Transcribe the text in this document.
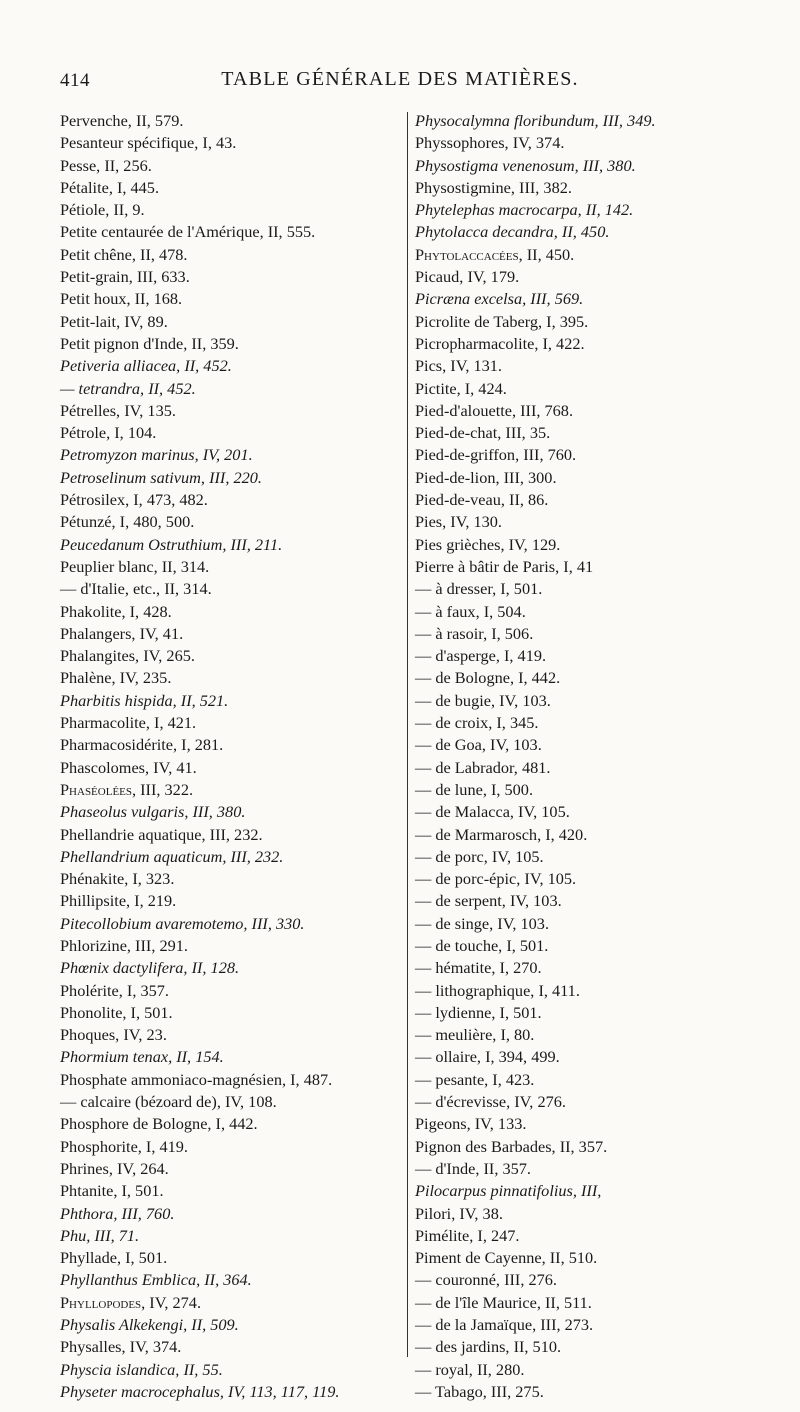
414	TABLE GÉNÉRALE DES MATIÈRES.
Pervenche, II, 579.
Pesanteur spécifique, I, 43.
Pesse, II, 256.
Pétalite, I, 445.
Pétiole, II, 9.
Petite centaurée de l'Amérique, II, 555.
Petit chêne, II, 478.
Petit-grain, III, 633.
Petit houx, II, 168.
Petit-lait, IV, 89.
Petit pignon d'Inde, II, 359.
Petiveria alliacea, II, 452.
— tetrandra, II, 452.
Pétrelles, IV, 135.
Pétrole, I, 104.
Petromyzon marinus, IV, 201.
Petroselinum sativum, III, 220.
Pétrosilex, I, 473, 482.
Pétunzé, I, 480, 500.
Peucedanum Ostruthium, III, 211.
Peuplier blanc, II, 314.
— d'Italie, etc., II, 314.
Phakolite, I, 428.
Phalangers, IV, 41.
Phalangites, IV, 265.
Phalène, IV, 235.
Pharbitis hispida, II, 521.
Pharmacolite, I, 421.
Pharmacosidérite, I, 281.
Phascolomes, IV, 41.
Phaséolées, III, 322.
Phaseolus vulgaris, III, 380.
Phellandrie aquatique, III, 232.
Phellandrium aquaticum, III, 232.
Phénakite, I, 323.
Phillipsite, I, 219.
Pitecollobium avaremotemo, III, 330.
Phlorizine, III, 291.
Phœnix dactylifera, II, 128.
Pholérite, I, 357.
Phonolite, I, 501.
Phoques, IV, 23.
Phormium tenax, II, 154.
Phosphate ammoniaco-magnésien, I, 487.
— calcaire (bézoard de), IV, 108.
Phosphore de Bologne, I, 442.
Phosphorite, I, 419.
Phrines, IV, 264.
Phtanite, I, 501.
Phthora, III, 760.
Phu, III, 71.
Phyllade, I, 501.
Phyllanthus Emblica, II, 364.
Phyllopodes, IV, 274.
Physalis Alkekengi, II, 509.
Physalles, IV, 374.
Physcia islandica, II, 55.
Physeter macrocephalus, IV, 113, 117, 119.
Physocalymna floribundum, III, 349.
Physsophores, IV, 374.
Physostigma venenosum, III, 380.
Physostigmine, III, 382.
Phytelephas macrocarpa, II, 142.
Phytolacca decandra, II, 450.
Phytolaccacées, II, 450.
Picaud, IV, 179.
Picræna excelsa, III, 569.
Picrolite de Taberg, I, 395.
Picropharmacolite, I, 422.
Pics, IV, 131.
Pictite, I, 424.
Pied-d'alouette, III, 768.
Pied-de-chat, III, 35.
Pied-de-griffon, III, 760.
Pied-de-lion, III, 300.
Pied-de-veau, II, 86.
Pies, IV, 130.
Pies grièches, IV, 129.
Pierre à bâtir de Paris, I, 41
— à dresser, I, 501.
— à faux, I, 504.
— à rasoir, I, 506.
— d'asperge, I, 419.
— de Bologne, I, 442.
— de bugie, IV, 103.
— de croix, I, 345.
— de Goa, IV, 103.
— de Labrador, 481.
— de lune, I, 500.
— de Malacca, IV, 105.
— de Marmarosch, I, 420.
— de porc, IV, 105.
— de porc-épic, IV, 105.
— de serpent, IV, 103.
— de singe, IV, 103.
— de touche, I, 501.
— hématite, I, 270.
— lithographique, I, 411.
— lydienne, I, 501.
— meulière, I, 80.
— ollaire, I, 394, 499.
— pesante, I, 423.
— d'écrevisse, IV, 276.
Pigeons, IV, 133.
Pignon des Barbades, II, 357.
— d'Inde, II, 357.
Pilocarpus pinnatifolius, III,
Pilori, IV, 38.
Pimélite, I, 247.
Piment de Cayenne, II, 510.
— couronné, III, 276.
— de l'île Maurice, II, 511.
— de la Jamaïque, III, 273.
— des jardins, II, 510.
— royal, II, 280.
— Tabago, III, 275.
